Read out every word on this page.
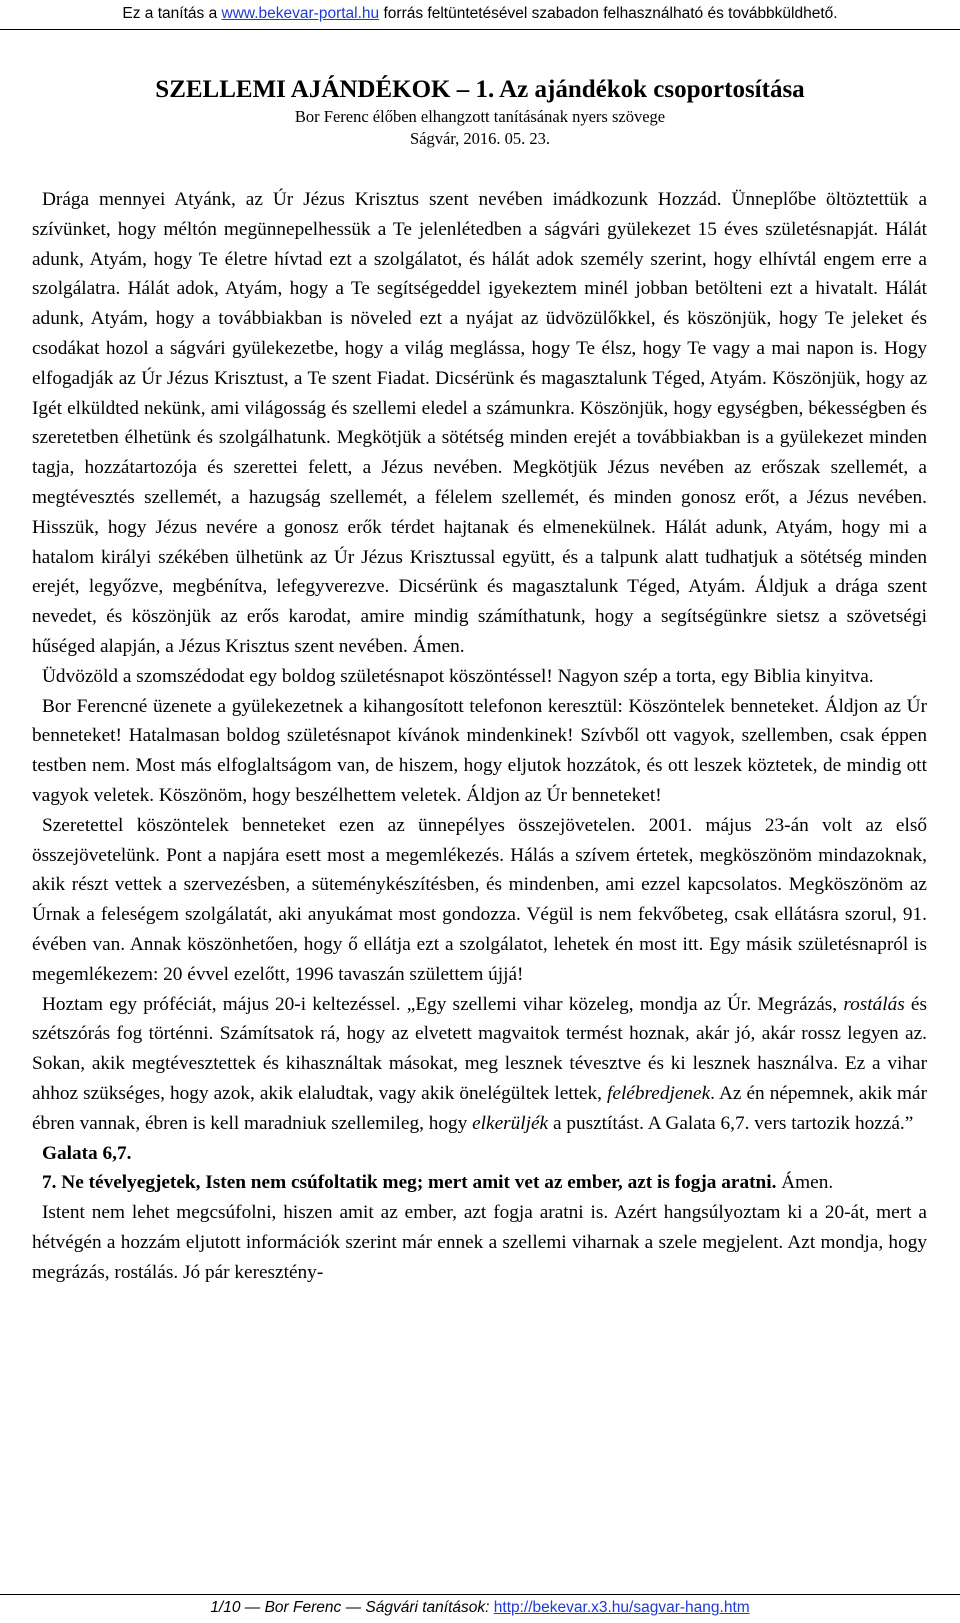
Ez a tanítás a www.bekevar-portal.hu forrás feltüntetésével szabadon felhasználható és továbbküldhető.

SZELLEMI AJÁNDÉKOK – 1. Az ajándékok csoportosítása

Bor Ferenc élőben elhangzott tanításának nyers szövege

Ságvár, 2016. 05. 23.

Drága mennyei Atyánk, az Úr Jézus Krisztus szent nevében imádkozunk Hozzád. Ünneplőbe öltöztettük a szívünket, hogy méltón megünnepelhessük a Te jelenlétedben a ságvári gyülekezet 15 éves születésnapját. Hálát adunk, Atyám, hogy Te életre hívtad ezt a szolgálatot, és hálát adok személy szerint, hogy elhívtál engem erre a szolgálatra. Hálát adok, Atyám, hogy a Te segítségeddel igyekeztem minél jobban betölteni ezt a hivatalt. Hálát adunk, Atyám, hogy a továbbiakban is növeled ezt a nyájat az üdvözülőkkel, és köszönjük, hogy Te jeleket és csodákat hozol a ságvári gyülekezetbe, hogy a világ meglássa, hogy Te élsz, hogy Te vagy a mai napon is. Hogy elfogadják az Úr Jézus Krisztust, a Te szent Fiadat. Dicsérünk és magasztalunk Téged, Atyám. Köszönjük, hogy az Igét elküldted nekünk, ami világosság és szellemi eledel a számunkra. Köszönjük, hogy egységben, békességben és szeretetben élhetünk és szolgálhatunk. Megkötjük a sötétség minden erejét a továbbiakban is a gyülekezet minden tagja, hozzátartozója és szerettei felett, a Jézus nevében. Megkötjük Jézus nevében az erőszak szellemét, a megtévesztés szellemét, a hazugság szellemét, a félelem szellemét, és minden gonosz erőt, a Jézus nevében. Hisszük, hogy Jézus nevére a gonosz erők térdet hajtanak és elmenekülnek. Hálát adunk, Atyám, hogy mi a hatalom királyi székében ülhetünk az Úr Jézus Krisztussal együtt, és a talpunk alatt tudhatjuk a sötétség minden erejét, legyőzve, megbénítva, lefegyverezve. Dicsérünk és magasztalunk Téged, Atyám. Áldjuk a drága szent nevedet, és köszönjük az erős karodat, amire mindig számíthatunk, hogy a segítségünkre sietsz a szövetségi hűséged alapján, a Jézus Krisztus szent nevében. Ámen.

Üdvözöld a szomszédodat egy boldog születésnapot köszöntéssel! Nagyon szép a torta, egy Biblia kinyitva.

Bor Ferencné üzenete a gyülekezetnek a kihangosított telefonon keresztül: Köszöntelek benneteket. Áldjon az Úr benneteket! Hatalmasan boldog születésnapot kívánok mindenkinek! Szívből ott vagyok, szellemben, csak éppen testben nem. Most más elfoglaltságom van, de hiszem, hogy eljutok hozzátok, és ott leszek köztetek, de mindig ott vagyok veletek. Köszönöm, hogy beszélhettem veletek. Áldjon az Úr benneteket!

Szeretettel köszöntelek benneteket ezen az ünnepélyes összejövetelen. 2001. május 23-án volt az első összejövetelünk. Pont a napjára esett most a megemlékezés. Hálás a szívem értetek, megköszönöm mindazoknak, akik részt vettek a szervezésben, a süteménykészítésben, és mindenben, ami ezzel kapcsolatos. Megköszönöm az Úrnak a feleségem szolgálatát, aki anyukámat most gondozza. Végül is nem fekvőbeteg, csak ellátásra szorul, 91. évében van. Annak köszönhetően, hogy ő ellátja ezt a szolgálatot, lehetek én most itt. Egy másik születésnapról is megemlékezem: 20 évvel ezelőtt, 1996 tavaszán születtem újjá!

Hoztam egy próféciát, május 20-i keltezéssel. „Egy szellemi vihar közeleg, mondja az Úr. Megrázás, rostálás és szétszórás fog történni. Számítsatok rá, hogy az elvetett magvaitok termést hoznak, akár jó, akár rossz legyen az. Sokan, akik megtévesztettek és kihasználtak másokat, meg lesznek tévesztve és ki lesznek használva. Ez a vihar ahhoz szükséges, hogy azok, akik elaludtak, vagy akik önelégültek lettek, felébredjenek. Az én népemnek, akik már ébren vannak, ébren is kell maradniuk szellemileg, hogy elkerüljék a pusztítást. A Galata 6,7. vers tartozik hozzá.”

Galata 6,7.

7. Ne tévelyegjetek, Isten nem csúfoltatik meg; mert amit vet az ember, azt is fogja aratni. Ámen.

Istent nem lehet megcsúfolni, hiszen amit az ember, azt fogja aratni is. Azért hangsúlyoztam ki a 20-át, mert a hétvégén a hozzám eljutott információk szerint már ennek a szellemi viharnak a szele megjelent. Azt mondja, hogy megrázás, rostálás. Jó pár keresztény-

1/10 — Bor Ferenc — Ságvári tanítások: http://bekevar.x3.hu/sagvar-hang.htm
